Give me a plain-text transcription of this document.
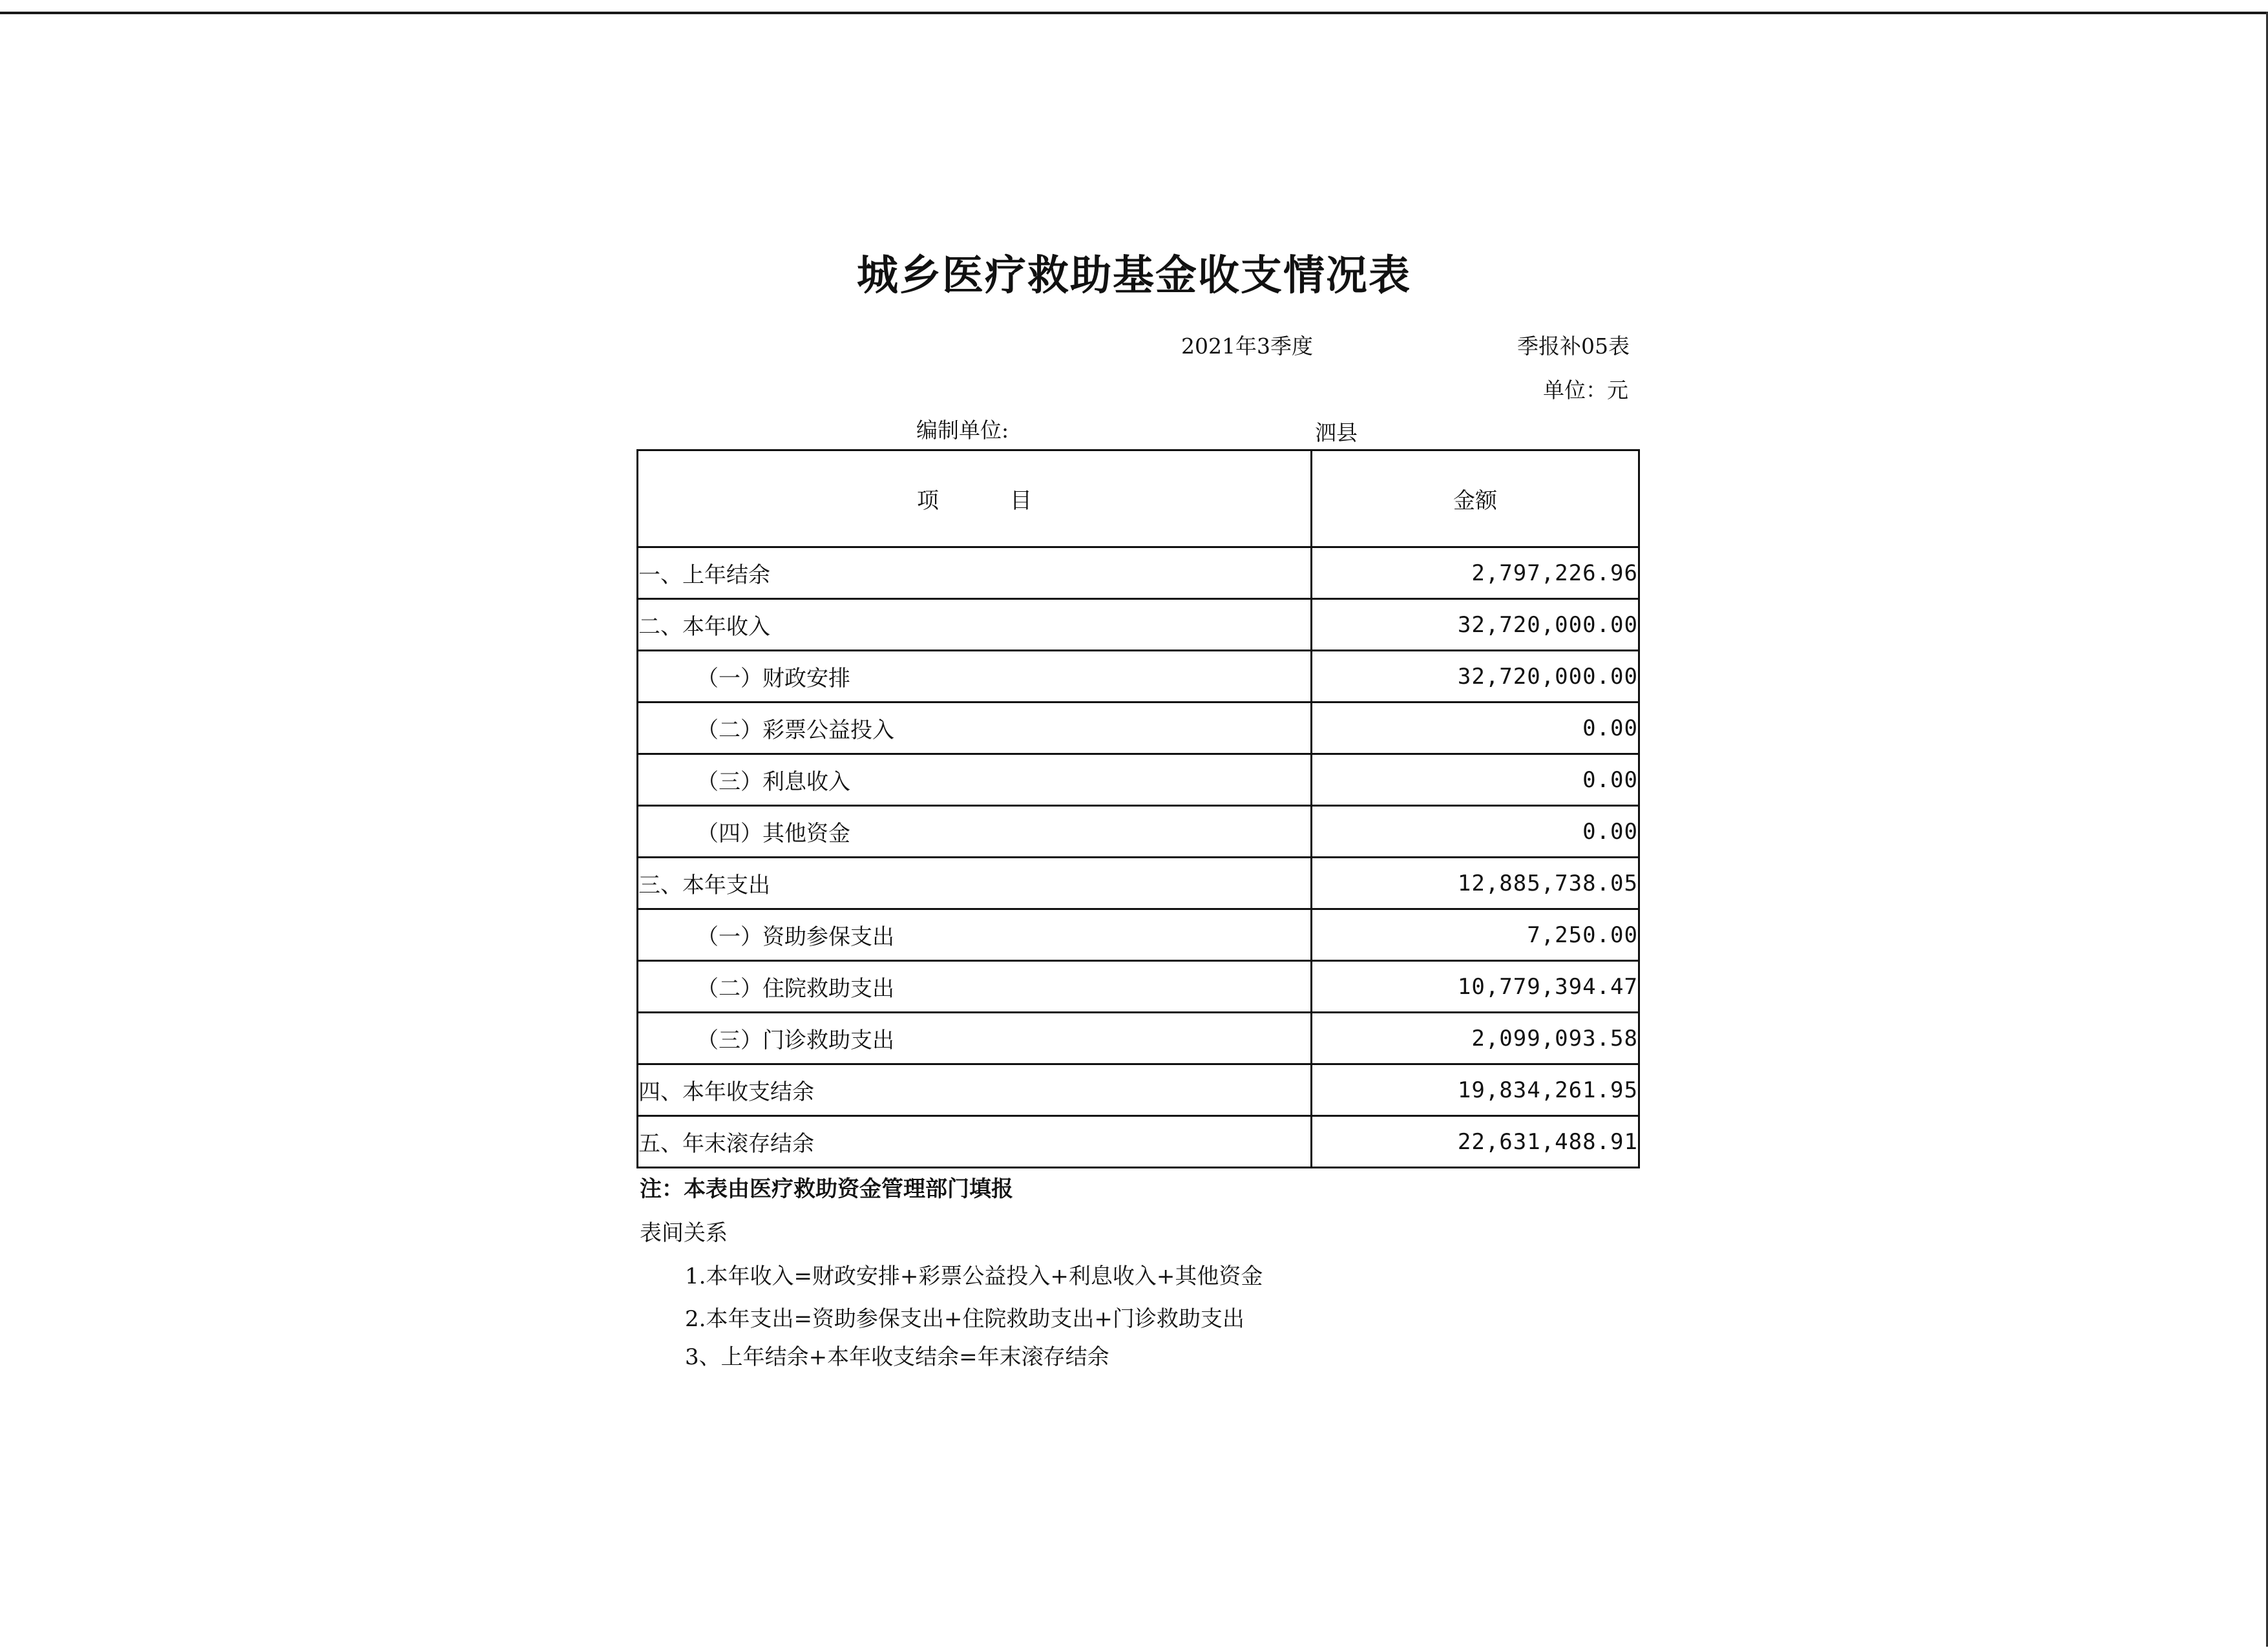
城乡医疗救助基金收支情况表
2021年3季度	季报补05表
单位：元
编制单位:	泗县
项 目	金额
一、上年结余	2,797,226.96
二、本年收入	32,720,000.00
（一）财政安排	32,720,000.00
（二）彩票公益投入	0.00
（三）利息收入	0.00
（四）其他资金	0.00
三、本年支出	12,885,738.05
（一）资助参保支出	7,250.00
（二）住院救助支出	10,779,394.47
（三）门诊救助支出	2,099,093.58
四、本年收支结余	19,834,261.95
五、年末滚存结余	22,631,488.91
注：本表由医疗救助资金管理部门填报
表间关系
1.本年收入=财政安排+彩票公益投入+利息收入+其他资金
2.本年支出=资助参保支出+住院救助支出+门诊救助支出
3、上年结余+本年收支结余=年末滚存结余
